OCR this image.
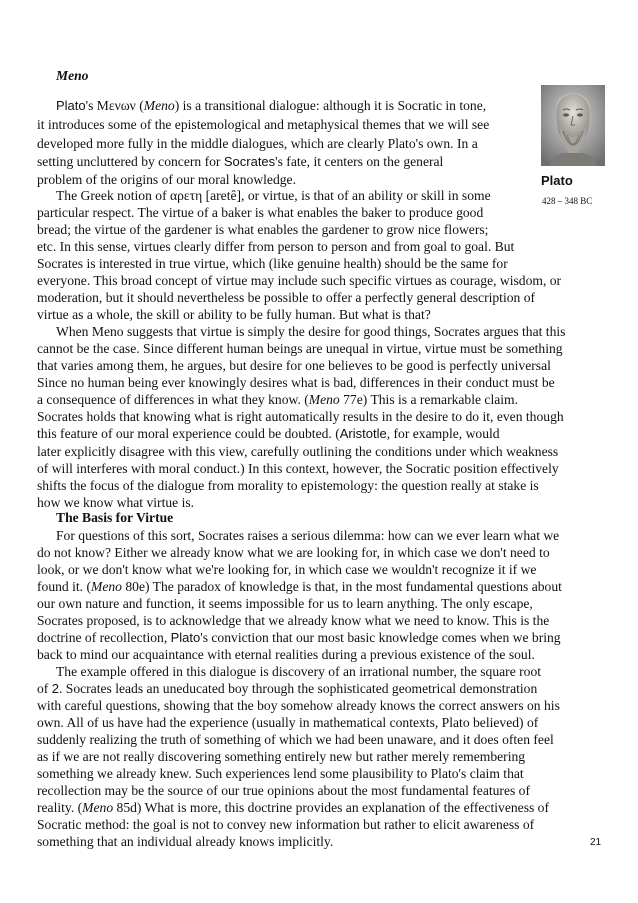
Meno
Plato's Μενων (Meno) is a transitional dialogue: although it is Socratic in tone,
it introduces some of the epistemological and metaphysical themes that we will see
developed more fully in the middle dialogues, which are clearly Plato's own. In a
setting uncluttered by concern for Socrates's fate, it centers on the general
problem of the origins of our moral knowledge.
The Greek notion of αρετη [aretê], or virtue, is that of an ability or skill in some
particular respect. The virtue of a baker is what enables the baker to produce good
bread; the virtue of the gardener is what enables the gardener to grow nice flowers;
etc. In this sense, virtues clearly differ from person to person and from goal to goal. But
Socrates is interested in true virtue, which (like genuine health) should be the same for
everyone. This broad concept of virtue may include such specific virtues as courage, wisdom, or
moderation, but it should nevertheless be possible to offer a perfectly general description of
virtue as a whole, the skill or ability to be fully human. But what is that?
When Meno suggests that virtue is simply the desire for good things, Socrates argues that this
cannot be the case. Since different human beings are unequal in virtue, virtue must be something
that varies among them, he argues, but desire for one believes to be good is perfectly universal
Since no human being ever knowingly desires what is bad, differences in their conduct must be
a consequence of differences in what they know. (Meno 77e) This is a remarkable claim.
Socrates holds that knowing what is right automatically results in the desire to do it, even though
this feature of our moral experience could be doubted. (Aristotle, for example, would
later explicitly disagree with this view, carefully outlining the conditions under which weakness
of will interferes with moral conduct.) In this context, however, the Socratic position effectively
shifts the focus of the dialogue from morality to epistemology: the question really at stake is
how we know what virtue is.
The Basis for Virtue
For questions of this sort, Socrates raises a serious dilemma: how can we ever learn what we
do not know? Either we already know what we are looking for, in which case we don't need to
look, or we don't know what we're looking for, in which case we wouldn't recognize it if we
found it. (Meno 80e) The paradox of knowledge is that, in the most fundamental questions about
our own nature and function, it seems impossible for us to learn anything. The only escape,
Socrates proposed, is to acknowledge that we already know what we need to know. This is the
doctrine of recollection, Plato's conviction that our most basic knowledge comes when we bring
back to mind our acquaintance with eternal realities during a previous existence of the soul.
The example offered in this dialogue is discovery of an irrational number, the square root
of 2. Socrates leads an uneducated boy through the sophisticated geometrical demonstration
with careful questions, showing that the boy somehow already knows the correct answers on his
own. All of us have had the experience (usually in mathematical contexts, Plato believed) of
suddenly realizing the truth of something of which we had been unaware, and it does often feel
as if we are not really discovering something entirely new but rather merely remembering
something we already knew. Such experiences lend some plausibility to Plato's claim that
recollection may be the source of our true opinions about the most fundamental features of
reality. (Meno 85d) What is more, this doctrine provides an explanation of the effectiveness of
Socratic method: the goal is not to convey new information but rather to elicit awareness of
something that an individual already knows implicitly.
Plato
428 – 348 BC
21
